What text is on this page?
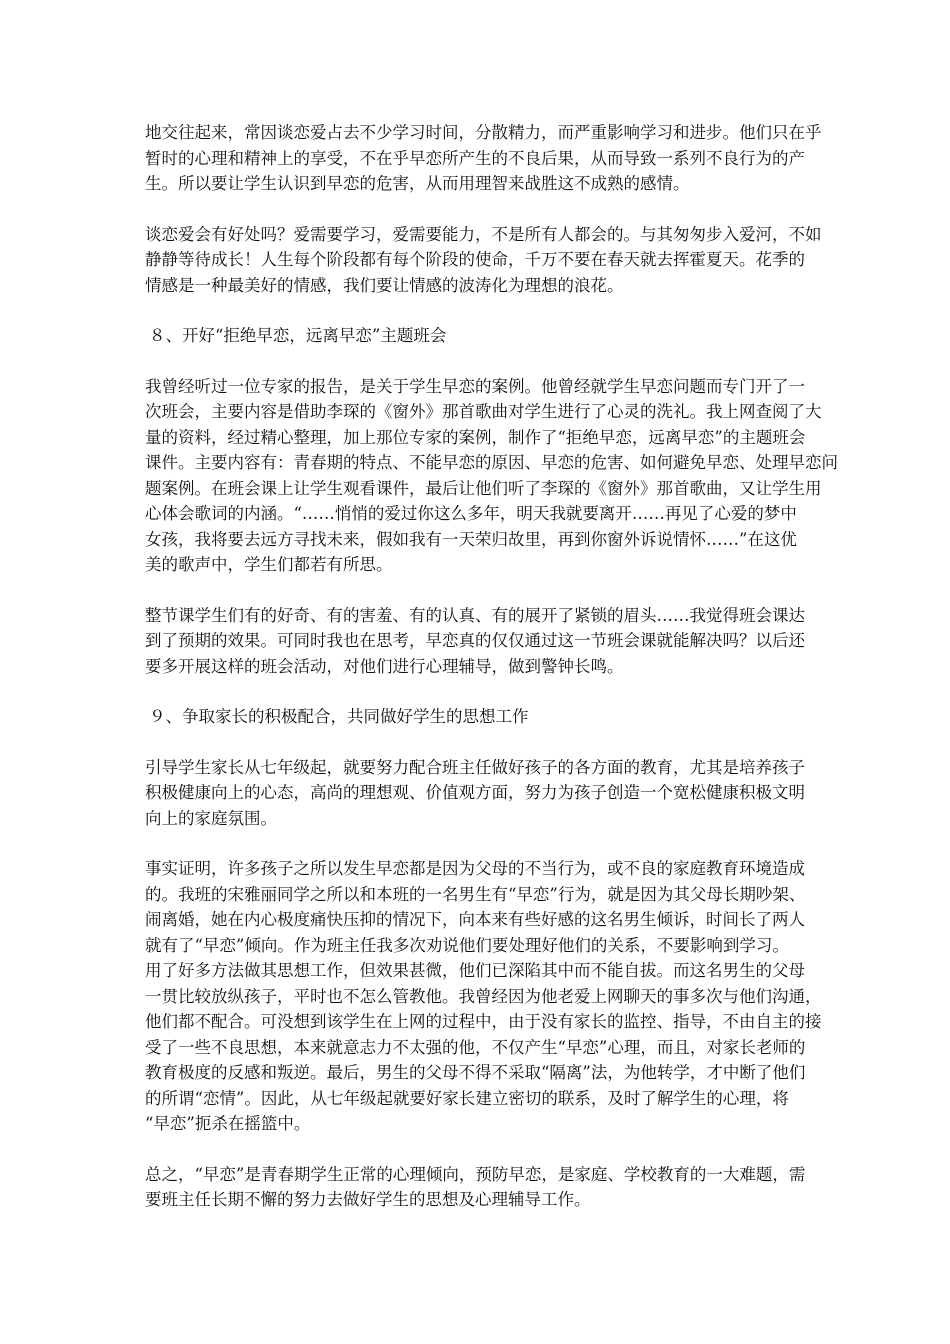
地交往起来，常因谈恋爱占去不少学习时间，分散精力，而严重影响学习和进步。他们只在乎
暂时的心理和精神上的享受，不在乎早恋所产生的不良后果，从而导致一系列不良行为的产
生。所以要让学生认识到早恋的危害，从而用理智来战胜这不成熟的感情。
谈恋爱会有好处吗？爱需要学习，爱需要能力，不是所有人都会的。与其匆匆步入爱河，不如
静静等待成长！人生每个阶段都有每个阶段的使命，千万不要在春天就去挥霍夏天。花季的
情感是一种最美好的情感，我们要让情感的波涛化为理想的浪花。
８、开好“拒绝早恋，远离早恋”主题班会
我曾经听过一位专家的报告，是关于学生早恋的案例。他曾经就学生早恋问题而专门开了一
次班会，主要内容是借助李琛的《窗外》那首歌曲对学生进行了心灵的洗礼。我上网查阅了大
量的资料，经过精心整理，加上那位专家的案例，制作了“拒绝早恋，远离早恋”的主题班会
课件。主要内容有：青春期的特点、不能早恋的原因、早恋的危害、如何避免早恋、处理早恋问
题案例。在班会课上让学生观看课件，最后让他们听了李琛的《窗外》那首歌曲，又让学生用
心体会歌词的内涵。“……悄悄的爱过你这么多年，明天我就要离开……再见了心爱的梦中
女孩，我将要去远方寻找未来，假如我有一天荣归故里，再到你窗外诉说情怀……”在这优
美的歌声中，学生们都若有所思。
整节课学生们有的好奇、有的害羞、有的认真、有的展开了紧锁的眉头……我觉得班会课达
到了预期的效果。可同时我也在思考，早恋真的仅仅通过这一节班会课就能解决吗？以后还
要多开展这样的班会活动，对他们进行心理辅导，做到警钟长鸣。
９、争取家长的积极配合，共同做好学生的思想工作
引导学生家长从七年级起，就要努力配合班主任做好孩子的各方面的教育，尤其是培养孩子
积极健康向上的心态，高尚的理想观、价值观方面，努力为孩子创造一个宽松健康积极文明
向上的家庭氛围。
事实证明，许多孩子之所以发生早恋都是因为父母的不当行为，或不良的家庭教育环境造成
的。我班的宋雅丽同学之所以和本班的一名男生有“早恋”行为，就是因为其父母长期吵架、
闹离婚，她在内心极度痛快压抑的情况下，向本来有些好感的这名男生倾诉，时间长了两人
就有了“早恋”倾向。作为班主任我多次劝说他们要处理好他们的关系，不要影响到学习。
用了好多方法做其思想工作，但效果甚微，他们已深陷其中而不能自拔。而这名男生的父母
一贯比较放纵孩子，平时也不怎么管教他。我曾经因为他老爱上网聊天的事多次与他们沟通，
他们都不配合。可没想到该学生在上网的过程中，由于没有家长的监控、指导，不由自主的接
受了一些不良思想，本来就意志力不太强的他，不仅产生“早恋”心理，而且，对家长老师的
教育极度的反感和叛逆。最后，男生的父母不得不采取“隔离”法，为他转学，才中断了他们
的所谓“恋情”。因此，从七年级起就要好家长建立密切的联系，及时了解学生的心理，将
“早恋”扼杀在摇篮中。
总之，“早恋”是青春期学生正常的心理倾向，预防早恋，是家庭、学校教育的一大难题，需
要班主任长期不懈的努力去做好学生的思想及心理辅导工作。
